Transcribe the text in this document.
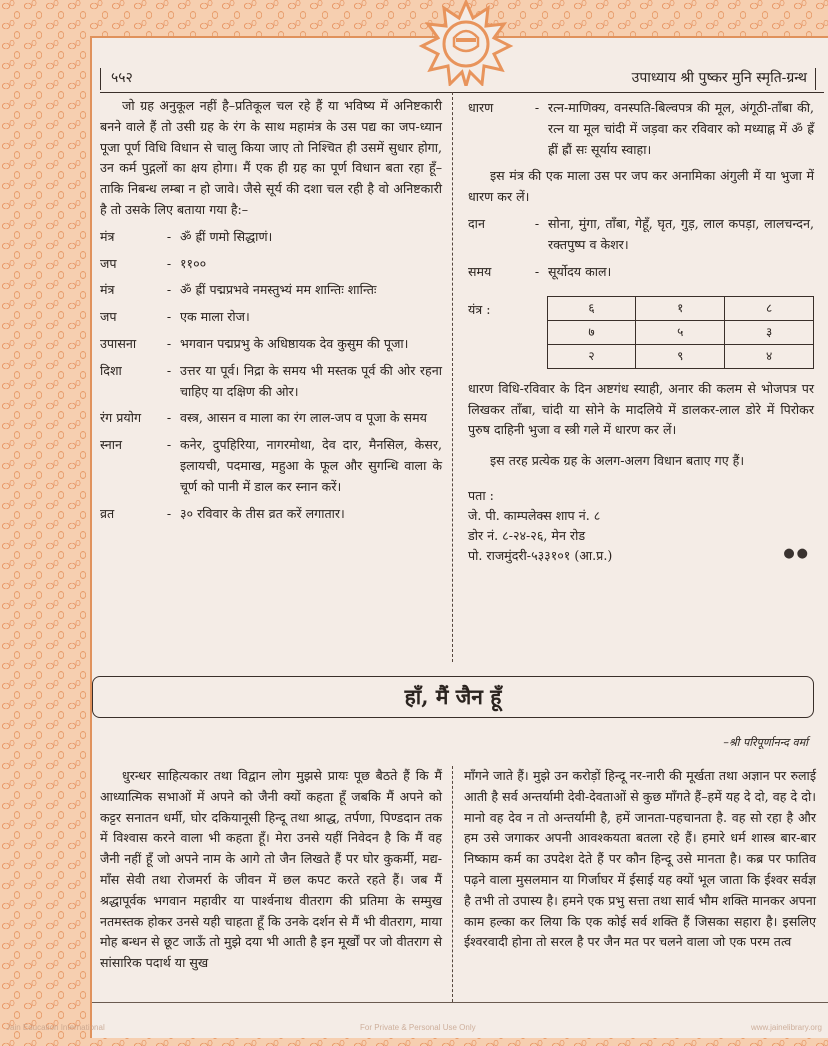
५५२	उपाध्याय श्री पुष्कर मुनि स्मृति-ग्रन्थ

जो ग्रह अनुकूल नहीं है–प्रतिकूल चल रहे हैं या भविष्य में अनिष्टकारी बनने वाले हैं तो उसी ग्रह के रंग के साथ महामंत्र के उस पद्य का जप-ध्यान पूजा पूर्ण विधि विधान से चालु किया जाए तो निश्चित ही उसमें सुधार होगा, उन कर्म पुद्गलों का क्षय होगा। मैं एक ही ग्रह का पूर्ण विधान बता रहा हूँ–ताकि निबन्ध लम्बा न हो जावे। जैसे सूर्य की दशा चल रही है वो अनिष्टकारी है तो उसके लिए बताया गया है:–

मंत्र	- ॐ ह्रीं णमो सिद्धाणं।
जप	- ११००
मंत्र	- ॐ ह्रीं पद्मप्रभवे नमस्तुभ्यं मम शान्तिः शान्तिः
जप	- एक माला रोज।
उपासना	- भगवान पद्मप्रभु के अधिष्ठायक देव कुसुम की पूजा।
दिशा	- उत्तर या पूर्व। निद्रा के समय भी मस्तक पूर्व की ओर रहना चाहिए या दक्षिण की ओर।
रंग प्रयोग	- वस्त्र, आसन व माला का रंग लाल-जप व पूजा के समय
स्नान	- कनेर, दुपहिरिया, नागरमोथा, देव दार, मैनसिल, केसर, इलायची, पदमाख, महुआ के फूल और सुगन्धि वाला के चूर्ण को पानी में डाल कर स्नान करें।
व्रत	- ३० रविवार के तीस व्रत करें लगातार।
धारण	- रत्न-माणिक्य, वनस्पति-बिल्वपत्र की मूल, अंगूठी-ताँबा की, रत्न या मूल चांदी में जड़वा कर रविवार को मध्याह्न में ॐ ह्रँ ह्रीं ह्रौं सः सूर्याय स्वाहा।

इस मंत्र की एक माला उस पर जप कर अनामिका अंगुली में या भुजा में धारण कर लें।

दान	- सोना, मुंगा, ताँबा, गेहूँ, घृत, गुड़, लाल कपड़ा, लालचन्दन, रक्तपुष्प व केशर।
समय	- सूर्योदय काल।
यंत्र :	६	१	८
७	५	३
२	९	४

धारण विधि-रविवार के दिन अष्टगंध स्याही, अनार की कलम से भोजपत्र पर लिखकर ताँबा, चांदी या सोने के मादलिये में डालकर-लाल डोरे में पिरोकर पुरुष दाहिनी भुजा व स्त्री गले में धारण कर लें।

इस तरह प्रत्येक ग्रह के अलग-अलग विधान बताए गए हैं।

पता :
जे. पी. काम्पलेक्स शाप नं. ८
डोर नं. ८-२४-२६, मेन रोड
पो. राजमुंदरी-५३३१०१ (आ.प्र.)	●●
हाँ, मैं जैन हूँ
–श्री परिपूर्णानन्द वर्मा

धुरन्धर साहित्यकार तथा विद्वान लोग मुझसे प्रायः पूछ बैठते हैं कि मैं आध्यात्मिक सभाओं में अपने को जैनी क्यों कहता हूँ जबकि मैं अपने को कट्टर सनातन धर्मी, घोर दकियानूसी हिन्दू तथा श्राद्ध, तर्पणा, पिण्डदान तक में विश्वास करने वाला भी कहता हूँ। मेरा उनसे यहीं निवेदन है कि मैं वह जैनी नहीं हूँ जो अपने नाम के आगे तो जैन लिखते हैं पर घोर कुकर्मी, मद्य-माँस सेवी तथा रोजमर्रा के जीवन में छल कपट करते रहते हैं। जब मैं श्रद्धापूर्वक भगवान महावीर या पार्श्वनाथ वीतराग की प्रतिमा के सम्मुख नतमस्तक होकर उनसे यही चाहता हूँ कि उनके दर्शन से मैं भी वीतराग, माया मोह बन्धन से छूट जाऊँ तो मुझे दया भी आती है इन मूर्खों पर जो वीतराग से सांसारिक पदार्थ या सुख

माँगने जाते हैं। मुझे उन करोड़ों हिन्दू नर-नारी की मूर्खता तथा अज्ञान पर रुलाई आती है सर्व अन्तर्यामी देवी-देवताओं से कुछ माँगते हैं–हमें यह दे दो, वह दे दो। मानो वह देव न तो अन्तर्यामी है, हमें जानता-पहचानता है. वह सो रहा है और हम उसे जगाकर अपनी आवश्कयता बतला रहे हैं। हमारे धर्म शास्त्र बार-बार निष्काम कर्म का उपदेश देते हैं पर कौन हिन्दू उसे मानता है। कब्र पर फातिव पढ़ने वाला मुसलमान या गिर्जाघर में ईसाई यह क्यों भूल जाता कि ईश्वर सर्वज्ञ है तभी तो उपास्य है। हमने एक प्रभु सत्ता तथा सार्व भौम शक्ति मानकर अपना काम हल्का कर लिया कि एक कोई सर्व शक्ति हैं जिसका सहारा है। इसलिए ईश्वरवादी होना तो सरल है पर जैन मत पर चलने वाला जो एक परम तत्व

Jain Education International	For Private & Personal Use Only	www.jainelibrary.org
